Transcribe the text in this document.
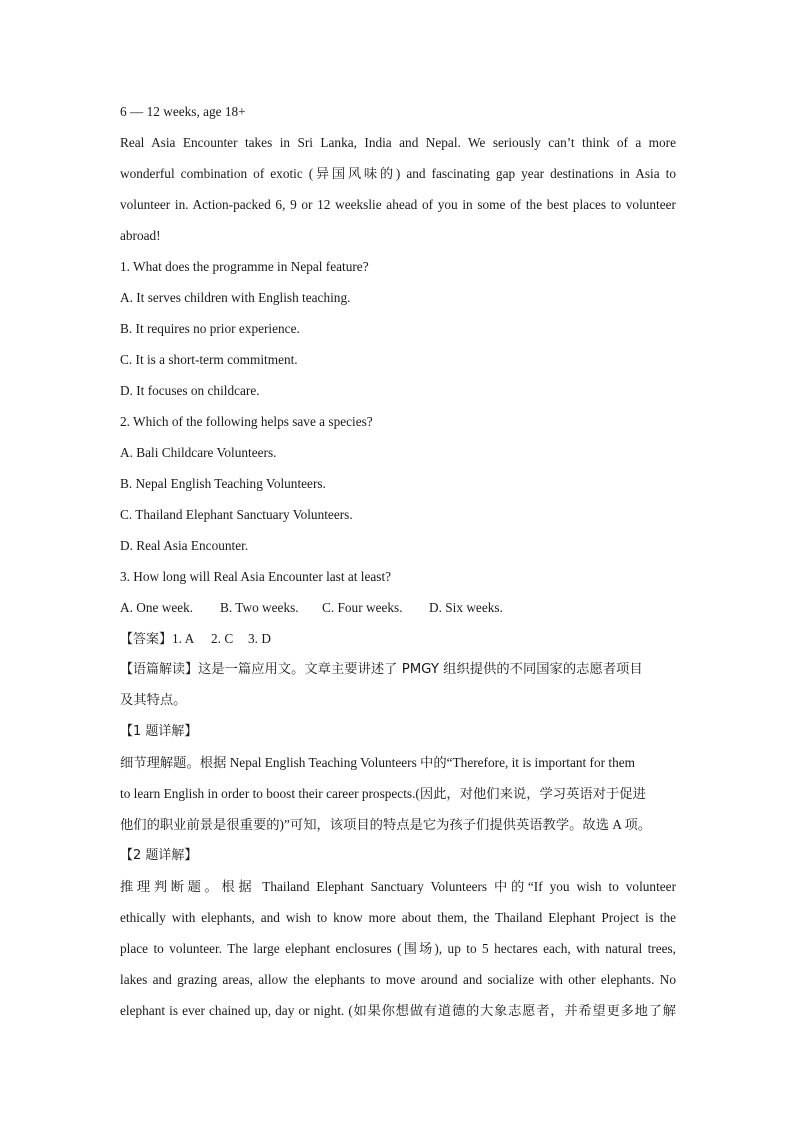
6 — 12 weeks, age 18+
Real Asia Encounter takes in Sri Lanka, India and Nepal. We seriously can’t think of a more
wonderful combination of exotic (异国风味的) and fascinating gap year destinations in Asia to
volunteer in. Action-packed 6, 9 or 12 weekslie ahead of you in some of the best places to volunteer
abroad!
1. What does the programme in Nepal feature?
A. It serves children with English teaching.
B. It requires no prior experience.
C. It is a short-term commitment.
D. It focuses on childcare.
2. Which of the following helps save a species?
A. Bali Childcare Volunteers.
B. Nepal English Teaching Volunteers.
C. Thailand Elephant Sanctuary Volunteers.
D. Real Asia Encounter.
3. How long will Real Asia Encounter last at least?
A. One week. B. Two weeks. C. Four weeks. D. Six weeks.
【答案】1. A 2. C 3. D
【语篇解读】这是一篇应用文。文章主要讲述了 PMGY 组织提供的不同国家的志愿者项目
及其特点。
【1 题详解】
细节理解题。根据 Nepal English Teaching Volunteers 中的“Therefore, it is important for them
to learn English in order to boost their career prospects.(因此，对他们来说，学习英语对于促进
他们的职业前景是很重要的)”可知，该项目的特点是它为孩子们提供英语教学。故选 A 项。
【2 题详解】
推理判断题。根据 Thailand Elephant Sanctuary Volunteers 中的“If you wish to volunteer
ethically with elephants, and wish to know more about them, the Thailand Elephant Project is the
place to volunteer. The large elephant enclosures (围场), up to 5 hectares each, with natural trees,
lakes and grazing areas, allow the elephants to move around and socialize with other elephants. No
elephant is ever chained up, day or night. (如果你想做有道德的大象志愿者，并希望更多地了解
